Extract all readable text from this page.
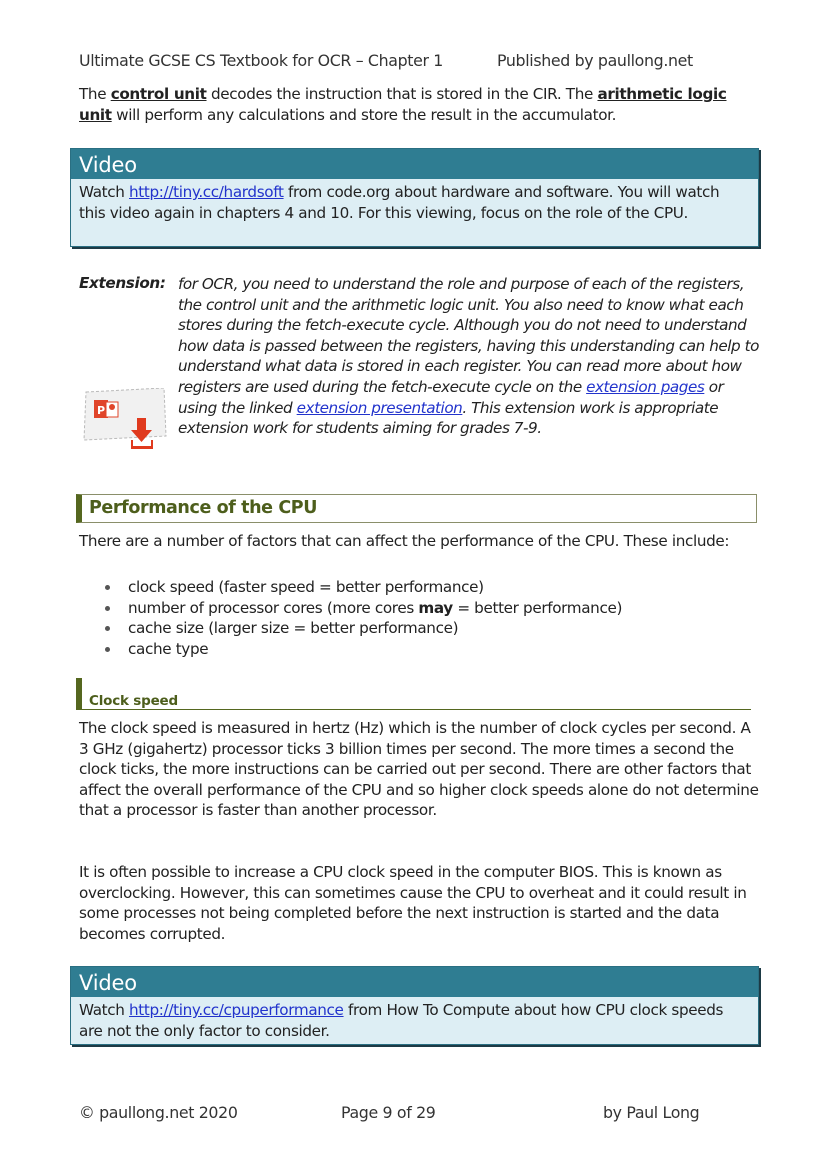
Ultimate GCSE CS Textbook for OCR – Chapter 1	Published by paullong.net

The control unit decodes the instruction that is stored in the CIR. The arithmetic logic unit will perform any calculations and store the result in the accumulator.

Video
Watch http://tiny.cc/hardsoft from code.org about hardware and software. You will watch this video again in chapters 4 and 10. For this viewing, focus on the role of the CPU.
Extension: for OCR, you need to understand the role and purpose of each of the registers, the control unit and the arithmetic logic unit. You also need to know what each stores during the fetch-execute cycle. Although you do not need to understand how data is passed between the registers, having this understanding can help to understand what data is stored in each register. You can read more about how registers are used during the fetch-execute cycle on the extension pages or using the linked extension presentation. This extension work is appropriate extension work for students aiming for grades 7-9.

P
Performance of the CPU

There are a number of factors that can affect the performance of the CPU. These include:

clock speed (faster speed = better performance)
number of processor cores (more cores may = better performance)
cache size (larger size = better performance)
cache type
Clock speed

The clock speed is measured in hertz (Hz) which is the number of clock cycles per second. A 3 GHz (gigahertz) processor ticks 3 billion times per second. The more times a second the clock ticks, the more instructions can be carried out per second. There are other factors that affect the overall performance of the CPU and so higher clock speeds alone do not determine that a processor is faster than another processor.

It is often possible to increase a CPU clock speed in the computer BIOS. This is known as overclocking. However, this can sometimes cause the CPU to overheat and it could result in some processes not being completed before the next instruction is started and the data becomes corrupted.

Video
Watch http://tiny.cc/cpuperformance from How To Compute about how CPU clock speeds are not the only factor to consider.
© paullong.net 2020	Page 9 of 29	by Paul Long
